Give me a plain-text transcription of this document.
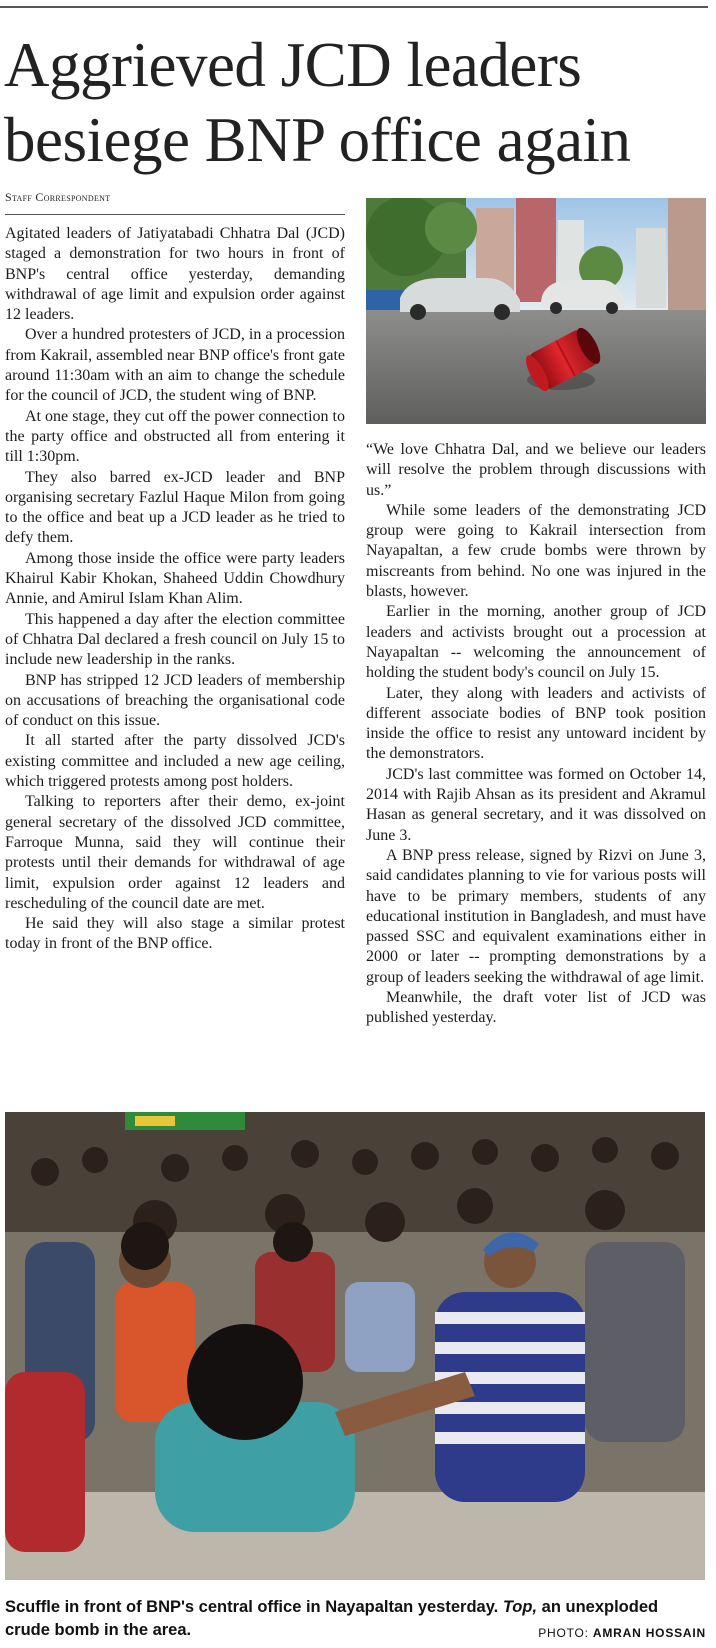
Aggrieved JCD leaders besiege BNP office again
Staff Correspondent

Agitated leaders of Jatiyatabadi Chhatra Dal (JCD) staged a demonstration for two hours in front of BNP's central office yesterday, demanding withdrawal of age limit and expulsion order against 12 leaders.

Over a hundred protesters of JCD, in a procession from Kakrail, assembled near BNP office's front gate around 11:30am with an aim to change the schedule for the council of JCD, the student wing of BNP.

At one stage, they cut off the power connection to the party office and obstructed all from entering it till 1:30pm.

They also barred ex-JCD leader and BNP organising secretary Fazlul Haque Milon from going to the office and beat up a JCD leader as he tried to defy them.

Among those inside the office were party leaders Khairul Kabir Khokan, Shaheed Uddin Chowdhury Annie, and Amirul Islam Khan Alim.

This happened a day after the election committee of Chhatra Dal declared a fresh council on July 15 to include new leadership in the ranks.

BNP has stripped 12 JCD leaders of membership on accusations of breaching the organisational code of conduct on this issue.

It all started after the party dissolved JCD's existing committee and included a new age ceiling, which triggered protests among post holders.

Talking to reporters after their demo, ex-joint general secretary of the dissolved JCD committee, Farroque Munna, said they will continue their protests until their demands for withdrawal of age limit, expulsion order against 12 leaders and rescheduling of the council date are met.

He said they will also stage a similar protest today in front of the BNP office.

“We love Chhatra Dal, and we believe our leaders will resolve the problem through discussions with us.”

While some leaders of the demonstrating JCD group were going to Kakrail intersection from Nayapaltan, a few crude bombs were thrown by miscreants from behind. No one was injured in the blasts, however.

Earlier in the morning, another group of JCD leaders and activists brought out a procession at Nayapaltan -- welcoming the announcement of holding the student body's council on July 15.

Later, they along with leaders and activists of different associate bodies of BNP took position inside the office to resist any untoward incident by the demonstrators.

JCD's last committee was formed on October 14, 2014 with Rajib Ahsan as its president and Akramul Hasan as general secretary, and it was dissolved on June 3.

A BNP press release, signed by Rizvi on June 3, said candidates planning to vie for various posts will have to be primary members, students of any educational institution in Bangladesh, and must have passed SSC and equivalent examinations either in 2000 or later -- prompting demonstrations by a group of leaders seeking the withdrawal of age limit.

Meanwhile, the draft voter list of JCD was published yesterday.

Scuffle in front of BNP's central office in Nayapaltan yesterday. Top, an unexploded crude bomb in the area.	PHOTO: AMRAN HOSSAIN
